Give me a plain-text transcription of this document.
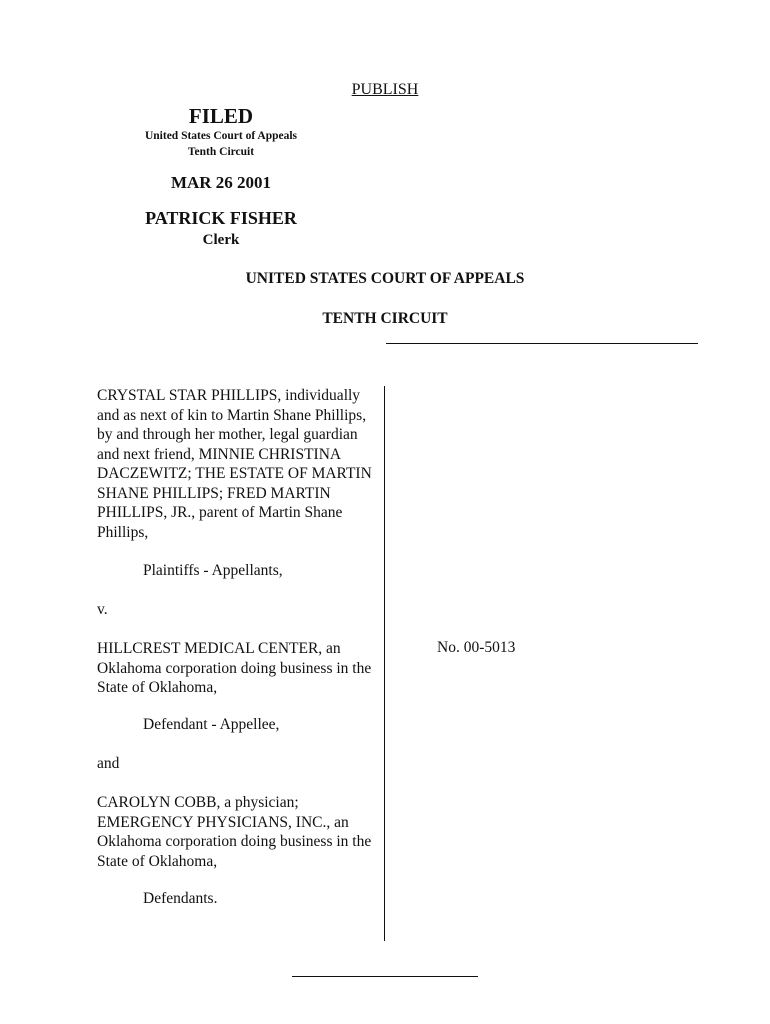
PUBLISH
FILED
United States Court of Appeals
Tenth Circuit
MAR 26 2001
PATRICK FISHER
Clerk
UNITED STATES COURT OF APPEALS
TENTH CIRCUIT
CRYSTAL STAR PHILLIPS, individually and as next of kin to Martin Shane Phillips, by and through her mother, legal guardian and next friend, MINNIE CHRISTINA DACZEWITZ; THE ESTATE OF MARTIN SHANE PHILLIPS; FRED MARTIN PHILLIPS, JR., parent of Martin Shane Phillips,
Plaintiffs - Appellants,
v.
HILLCREST MEDICAL CENTER, an Oklahoma corporation doing business in the State of Oklahoma,
Defendant - Appellee,
and
CAROLYN COBB, a physician; EMERGENCY PHYSICIANS, INC., an Oklahoma corporation doing business in the State of Oklahoma,
Defendants.
No. 00-5013
